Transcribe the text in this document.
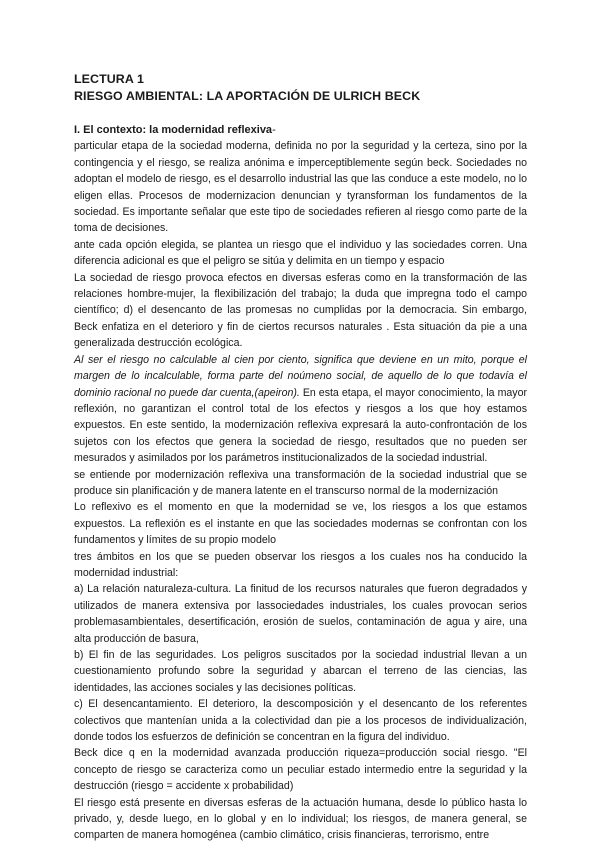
LECTURA 1

RIESGO AMBIENTAL: LA APORTACIÓN DE ULRICH BECK

I. El contexto: la modernidad reflexiva-

particular etapa de la sociedad moderna, definida no por la seguridad y la certeza, sino por la contingencia y el riesgo, se realiza anónima e imperceptiblemente según beck. Sociedades no adoptan el modelo de riesgo, es el desarrollo industrial las que las conduce a este modelo, no lo eligen ellas. Procesos de modernizacion denuncian y tyransforman los fundamentos de la sociedad. Es importante señalar que este tipo de sociedades refieren al riesgo como parte de la toma de decisiones.

ante cada opción elegida, se plantea un riesgo que el individuo y las sociedades corren. Una diferencia adicional es que el peligro se sitúa y delimita en un tiempo y espacio

La sociedad de riesgo provoca efectos en diversas esferas como en la transformación de las relaciones hombre-mujer, la flexibilización del trabajo; la duda que impregna todo el campo científico; d) el desencanto de las promesas no cumplidas por la democracia. Sin embargo, Beck enfatiza en el deterioro y fin de ciertos recursos naturales . Esta situación da pie a una generalizada destrucción ecológica.

Al ser el riesgo no calculable al cien por ciento, significa que deviene en un mito, porque el margen de lo incalculable, forma parte del noúmeno social, de aquello de lo que todavía el dominio racional no puede dar cuenta,(apeiron). En esta etapa, el mayor conocimiento, la mayor reflexión, no garantizan el control total de los efectos y riesgos a los que hoy estamos expuestos. En este sentido, la modernización reflexiva expresará la auto-confrontación de los sujetos con los efectos que genera la sociedad de riesgo, resultados que no pueden ser mesurados y asimilados por los parámetros institucionalizados de la sociedad industrial.

se entiende por modernización reflexiva una transformación de la sociedad industrial que se produce sin planificación y de manera latente en el transcurso normal de la modernización

Lo reflexivo es el momento en que la modernidad se ve, los riesgos a los que estamos expuestos. La reflexión es el instante en que las sociedades modernas se confrontan con los fundamentos y límites de su propio modelo

tres ámbitos en los que se pueden observar los riesgos a los cuales nos ha conducido la modernidad industrial:

a) La relación naturaleza-cultura. La finitud de los recursos naturales que fueron degradados y utilizados de manera extensiva por lassociedades industriales, los cuales provocan serios problemasambientales, desertificación, erosión de suelos, contaminación de agua y aire, una alta producción de basura,

b) El fin de las seguridades. Los peligros suscitados por la sociedad industrial llevan a un cuestionamiento profundo sobre la seguridad y abarcan el terreno de las ciencias, las identidades, las acciones sociales y las decisiones políticas.

c) El desencantamiento. El deterioro, la descomposición y el desencanto de los referentes colectivos que mantenían unida a la colectividad dan pie a los procesos de individualización, donde todos los esfuerzos de definición se concentran en la figura del individuo.

Beck dice q en la modernidad avanzada producción riqueza=producción social riesgo. "El concepto de riesgo se caracteriza como un peculiar estado intermedio entre la seguridad y la destrucción (riesgo = accidente x probabilidad)

El riesgo está presente en diversas esferas de la actuación humana, desde lo público hasta lo privado, y, desde luego, en lo global y en lo individual; los riesgos, de manera general, se comparten de manera homogénea (cambio climático, crisis financieras, terrorismo, entre
